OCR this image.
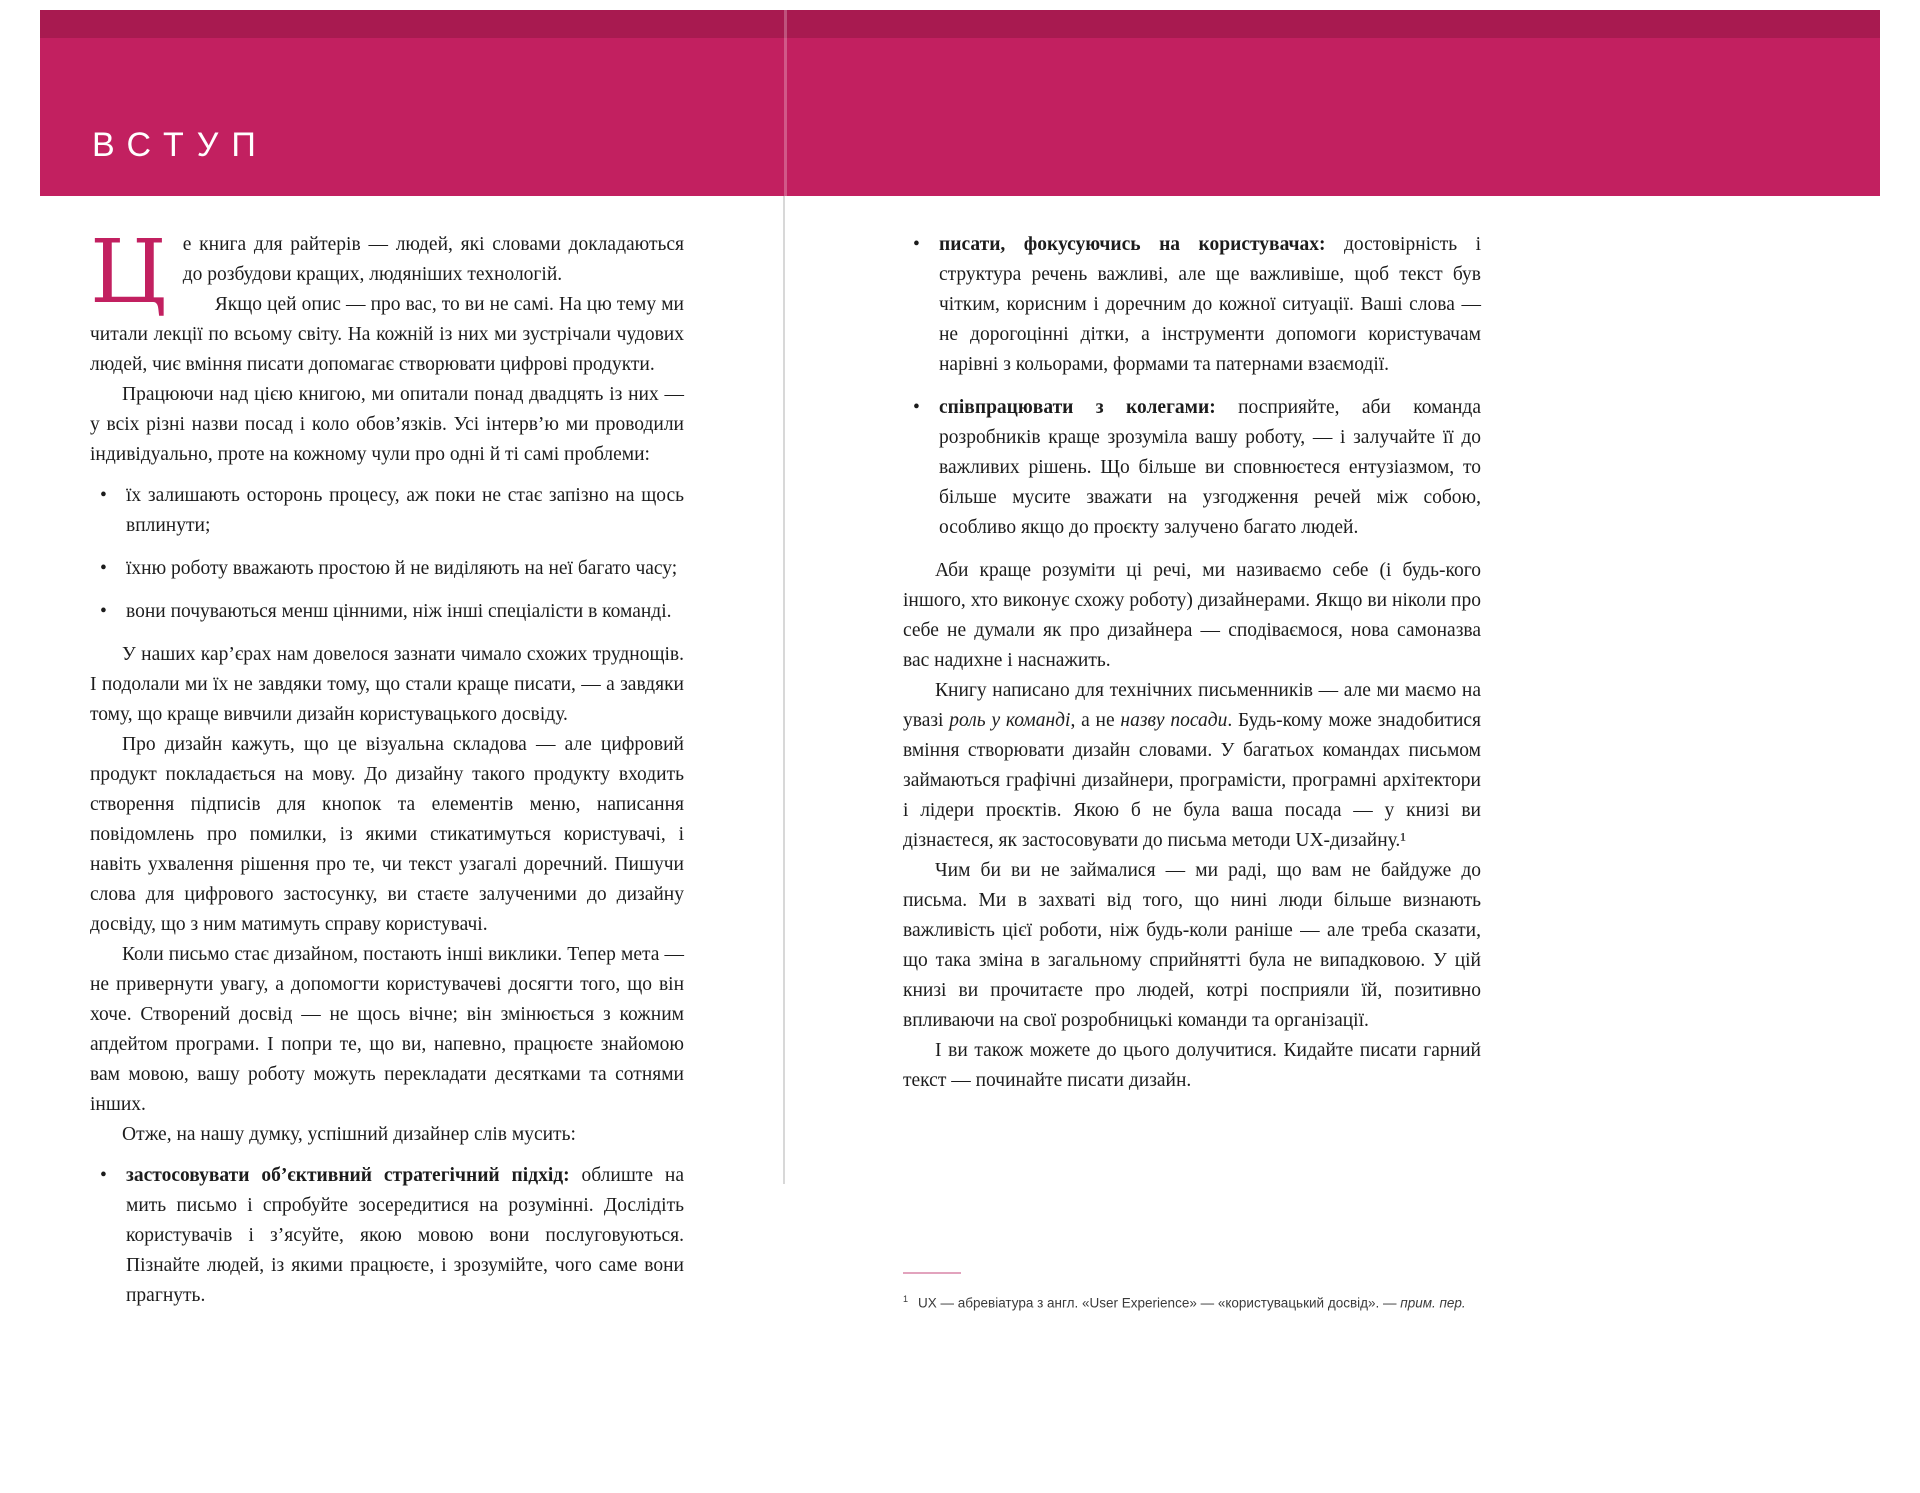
ВСТУП

Це книга для райтерів — людей, які словами докладаються до розбудови кращих, людяніших технологій.

Якщо цей опис — про вас, то ви не самі. На цю тему ми читали лекції по всьому світу. На кожній із них ми зустрічали чудових людей, чиє вміння писати допомагає створювати цифрові продукти.

Працюючи над цією книгою, ми опитали понад двадцять із них — у всіх різні назви посад і коло обов’язків. Усі інтерв’ю ми проводили індивідуально, проте на кожному чули про одні й ті самі проблеми:

• їх залишають осторонь процесу, аж поки не стає запізно на щось вплинути;
• їхню роботу вважають простою й не виділяють на неї багато часу;
• вони почуваються менш цінними, ніж інші спеціалісти в команді.

У наших кар’єрах нам довелося зазнати чимало схожих труднощів. І подолали ми їх не завдяки тому, що стали краще писати, — а завдяки тому, що краще вивчили дизайн користувацького досвіду.

Про дизайн кажуть, що це візуальна складова — але цифровий продукт покладається на мову. До дизайну такого продукту входить створення підписів для кнопок та елементів меню, написання повідомлень про помилки, із якими стикатимуться користувачі, і навіть ухвалення рішення про те, чи текст узагалі доречний. Пишучи слова для цифрового застосунку, ви стаєте залученими до дизайну досвіду, що з ним матимуть справу користувачі.

Коли письмо стає дизайном, постають інші виклики. Тепер мета — не привернути увагу, а допомогти користувачеві досягти того, що він хоче. Створений досвід — не щось вічне; він змінюється з кожним апдейтом програми. І попри те, що ви, напевно, працюєте знайомою вам мовою, вашу роботу можуть перекладати десятками та сотнями інших.

Отже, на нашу думку, успішний дизайнер слів мусить:

• застосовувати об’єктивний стратегічний підхід: облиште на мить письмо і спробуйте зосередитися на розумінні. Дослідіть користувачів і з’ясуйте, якою мовою вони послуговуються. Пізнайте людей, із якими працюєте, і зрозумійте, чого саме вони прагнуть.
• писати, фокусуючись на користувачах: достовірність і структура речень важливі, але ще важливіше, щоб текст був чітким, корисним і доречним до кожної ситуації. Ваші слова — не дорогоцінні дітки, а інструменти допомоги користувачам нарівні з кольорами, формами та патернами взаємодії.
• співпрацювати з колегами: посприяйте, аби команда розробників краще зрозуміла вашу роботу, — і залучайте її до важливих рішень. Що більше ви сповнюєтеся ентузіазмом, то більше мусите зважати на узгодження речей між собою, особливо якщо до проєкту залучено багато людей.

Аби краще розуміти ці речі, ми називаємо себе (і будь-кого іншого, хто виконує схожу роботу) дизайнерами. Якщо ви ніколи про себе не думали як про дизайнера — сподіваємося, нова самоназва вас надихне і наснажить.

Книгу написано для технічних письменників — але ми маємо на увазі роль у команді, а не назву посади. Будь-кому може знадобитися вміння створювати дизайн словами. У багатьох командах письмом займаються графічні дизайнери, програмісти, програмні архітектори і лідери проєктів. Якою б не була ваша посада — у книзі ви дізнаєтеся, як застосовувати до письма методи UX-дизайну.¹

Чим би ви не займалися — ми раді, що вам не байдуже до письма. Ми в захваті від того, що нині люди більше визнають важливість цієї роботи, ніж будь-коли раніше — але треба сказати, що така зміна в загальному сприйнятті була не випадковою. У цій книзі ви прочитаєте про людей, котрі посприяли їй, позитивно впливаючи на свої розробницькі команди та організації.

І ви також можете до цього долучитися. Кидайте писати гарний текст — починайте писати дизайн.

$^1$ UX — абревіатура з англ. «User Experience» — «користувацький досвід». — прим. пер.
